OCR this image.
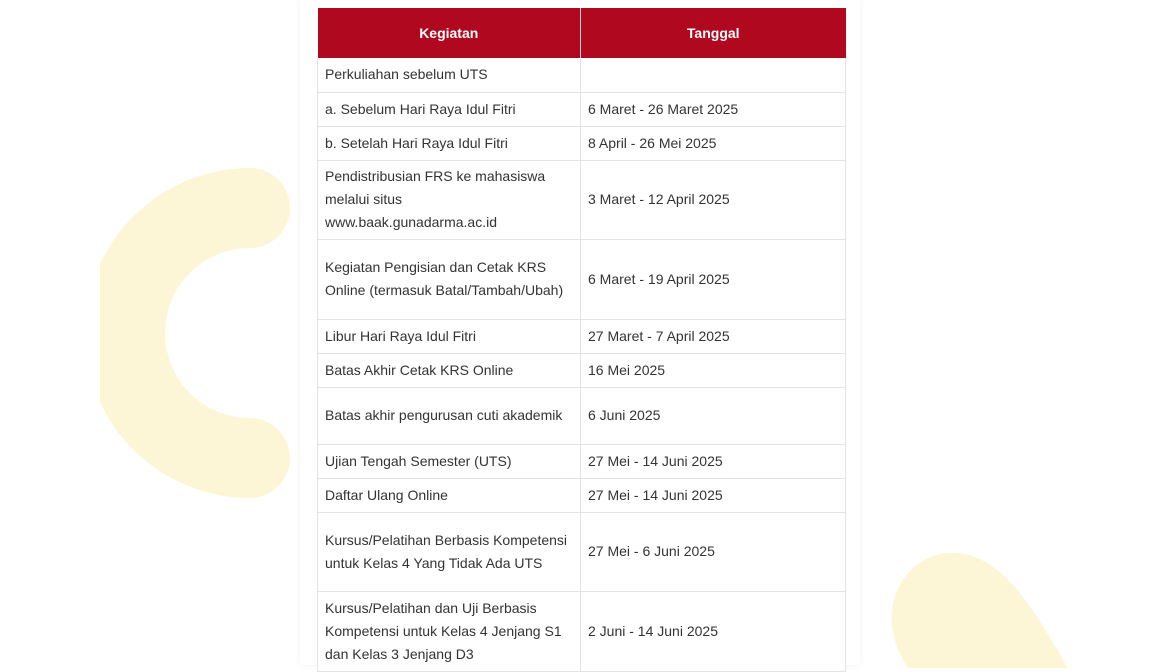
Kegiatan	Tanggal
Perkuliahan sebelum UTS	
a. Sebelum Hari Raya Idul Fitri	6 Maret - 26 Maret 2025
b. Setelah Hari Raya Idul Fitri	8 April - 26 Mei 2025
Pendistribusian FRS ke mahasiswa melalui situs www.baak.gunadarma.ac.id	3 Maret - 12 April 2025
Kegiatan Pengisian dan Cetak KRS Online (termasuk Batal/Tambah/Ubah)	6 Maret - 19 April 2025
Libur Hari Raya Idul Fitri	27 Maret - 7 April 2025
Batas Akhir Cetak KRS Online	16 Mei 2025
Batas akhir pengurusan cuti akademik	6 Juni 2025
Ujian Tengah Semester (UTS)	27 Mei - 14 Juni 2025
Daftar Ulang Online	27 Mei - 14 Juni 2025
Kursus/Pelatihan Berbasis Kompetensi untuk Kelas 4 Yang Tidak Ada UTS	27 Mei - 6 Juni 2025
Kursus/Pelatihan dan Uji Berbasis Kompetensi untuk Kelas 4 Jenjang S1 dan Kelas 3 Jenjang D3	2 Juni - 14 Juni 2025
